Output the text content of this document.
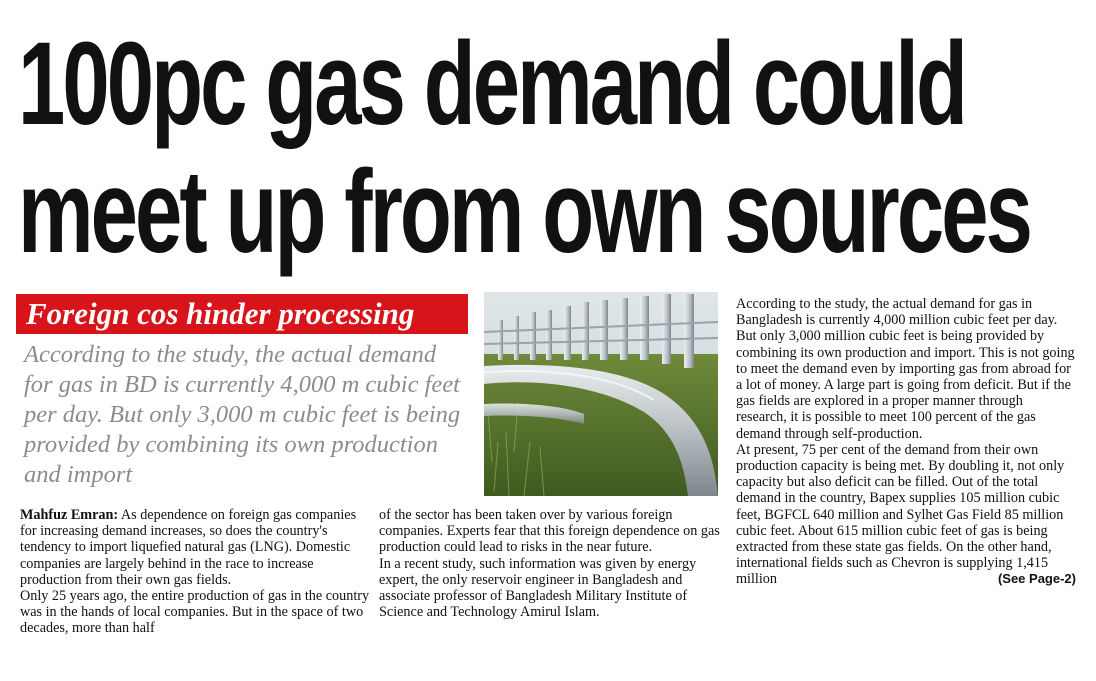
100pc gas demand could
meet up from own sources
Foreign cos hinder processing

According to the study, the actual demand for gas in BD is currently 4,000 m cubic feet per day. But only 3,000 m cubic feet is being provided by combining its own production and import

Mahfuz Emran: As dependence on foreign gas companies for increasing demand increases, so does the country's tendency to import liquefied natural gas (LNG). Domestic companies are largely behind in the race to increase production from their own gas fields.

Only 25 years ago, the entire production of gas in the country was in the hands of local companies. But in the space of two decades, more than half

of the sector has been taken over by various foreign companies. Experts fear that this foreign dependence on gas production could lead to risks in the near future.

In a recent study, such information was given by energy expert, the only reservoir engineer in Bangladesh and associate professor of Bangladesh Military Institute of Science and Technology Amirul Islam.

According to the study, the actual demand for gas in Bangladesh is currently 4,000 million cubic feet per day. But only 3,000 million cubic feet is being provided by combining its own production and import. This is not going to meet the demand even by importing gas from abroad for a lot of money. A large part is going from deficit. But if the gas fields are explored in a proper manner through research, it is possible to meet 100 percent of the gas demand through self-production.

At present, 75 per cent of the demand from their own production capacity is being met. By doubling it, not only capacity but also deficit can be filled. Out of the total demand in the country, Bapex supplies 105 million cubic feet, BGFCL 640 million and Sylhet Gas Field 85 million cubic feet. About 615 million cubic feet of gas is being extracted from these state gas fields. On the other hand, international fields such as Chevron is supplying 1,415 million	(See Page-2)
